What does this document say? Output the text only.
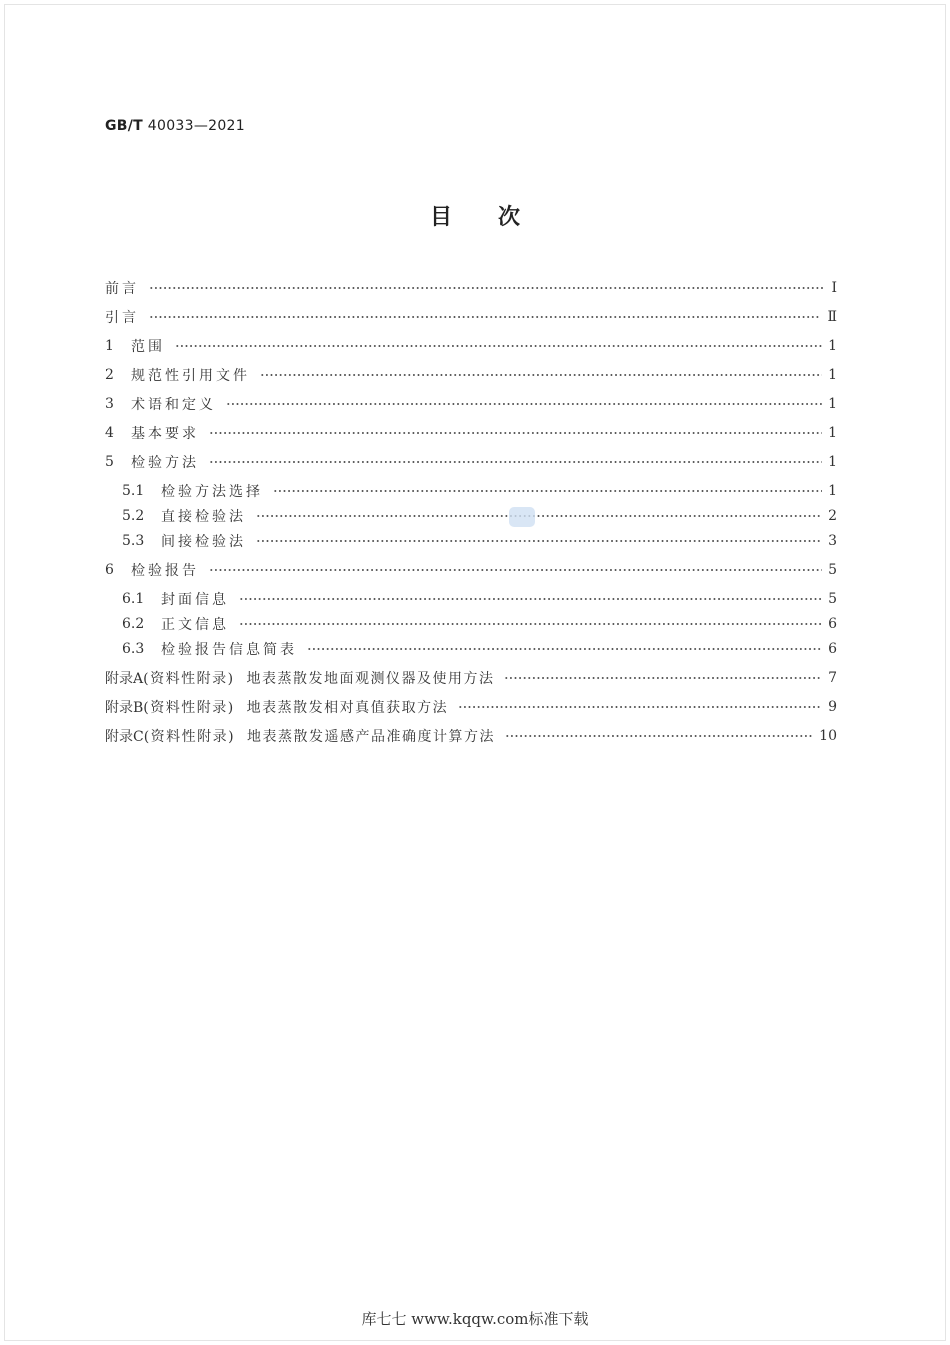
GB/T 40033—2021
目次
前言	Ⅰ
引言	Ⅱ
1	范围	1
2	规范性引用文件	1
3	术语和定义	1
4	基本要求	1
5	检验方法	1
5.1	检验方法选择	1
5.2	直接检验法	2
5.3	间接检验法	3
6	检验报告	5
6.1	封面信息	5
6.2	正文信息	6
6.3	检验报告信息简表	6
附录A (资料性附录)  地表蒸散发地面观测仪器及使用方法	7
附录B (资料性附录)  地表蒸散发相对真值获取方法	9
附录C (资料性附录)  地表蒸散发遥感产品准确度计算方法	10
库七七 www.kqqw.com标准下载
